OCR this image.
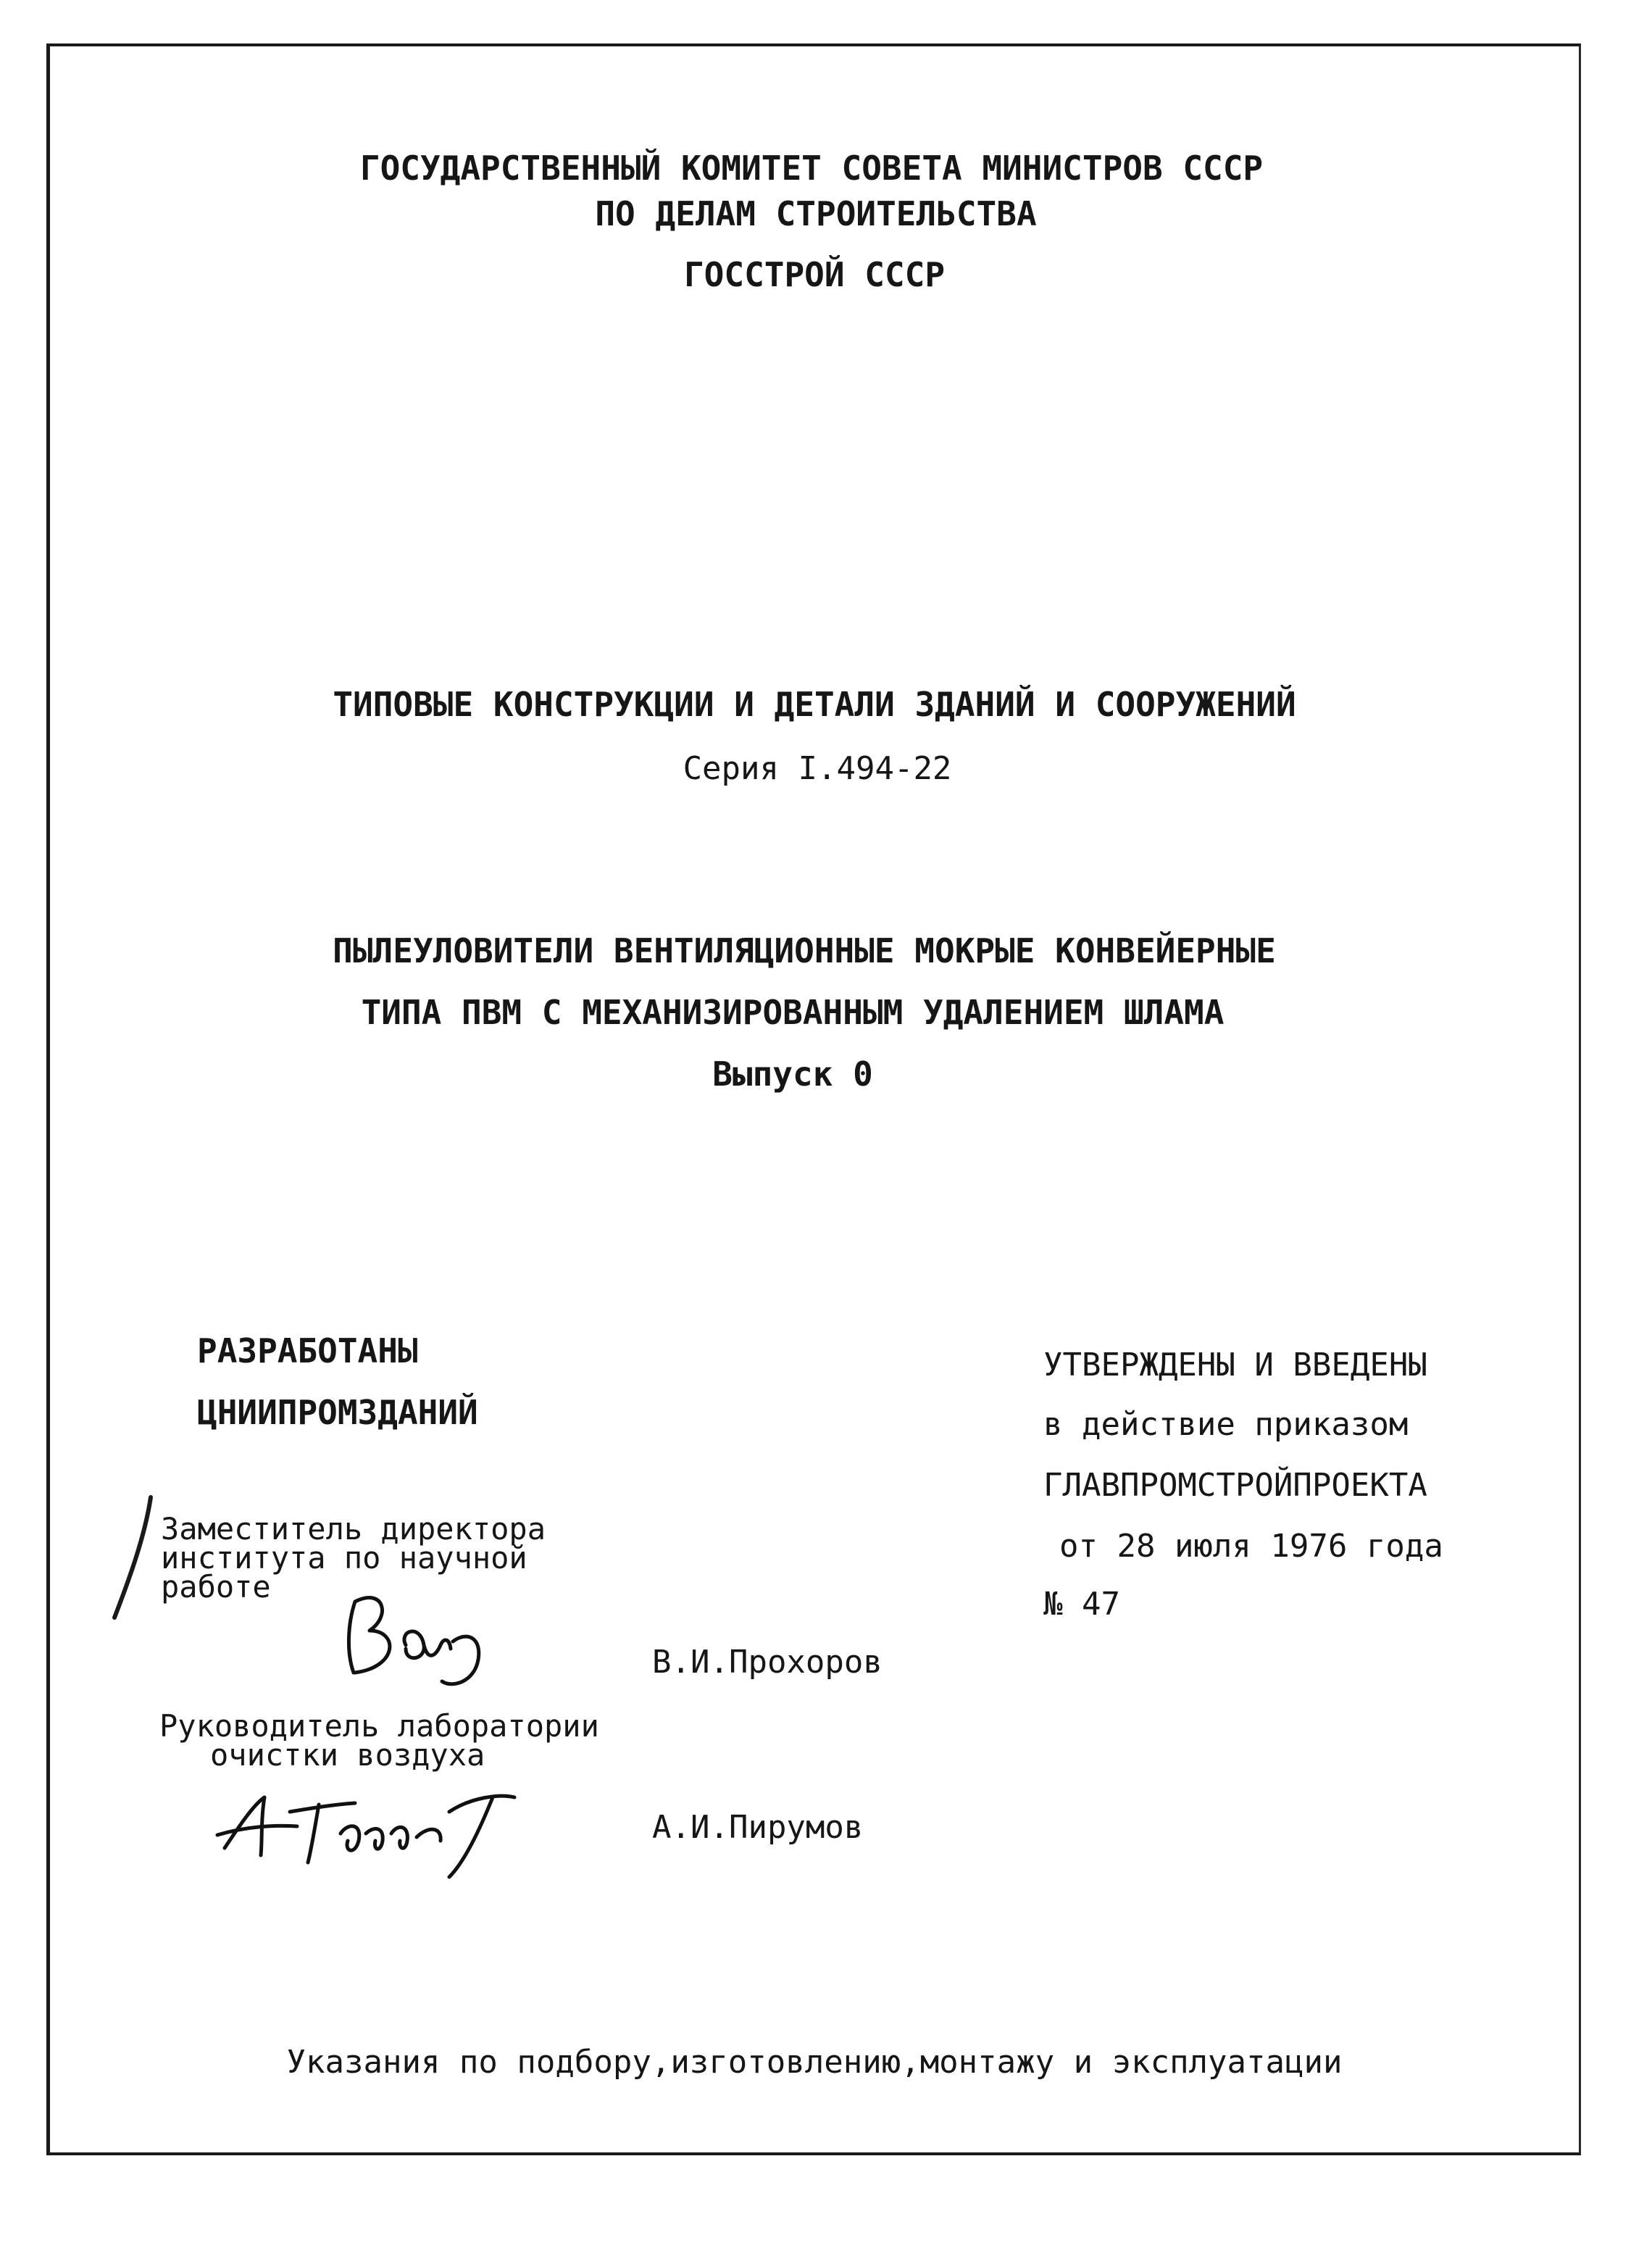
ГОСУДАРСТВЕННЫЙ КОМИТЕТ СОВЕТА МИНИСТРОВ СССР
ПО ДЕЛАМ СТРОИТЕЛЬСТВА
ГОССТРОЙ СССР
ТИПОВЫЕ КОНСТРУКЦИИ И ДЕТАЛИ ЗДАНИЙ И СООРУЖЕНИЙ
Серия I.494-22
ПЫЛЕУЛОВИТЕЛИ ВЕНТИЛЯЦИОННЫЕ МОКРЫЕ КОНВЕЙЕРНЫЕ
ТИПА ПВМ С МЕХАНИЗИРОВАННЫМ УДАЛЕНИЕМ ШЛАМА
Выпуск 0
РАЗРАБОТАНЫ
ЦНИИПРОМЗДАНИЙ
УТВЕРЖДЕНЫ И ВВЕДЕНЫ
в действие приказом
ГЛАВПРОМСТРОЙПРОЕКТА
от 28 июля 1976 года
№ 47
Заместитель директора
института по научной
работе
В.И.Прохоров
Руководитель лаборатории
очистки воздуха
А.И.Пирумов
Указания по подбору,изготовлению,монтажу и эксплуатации
